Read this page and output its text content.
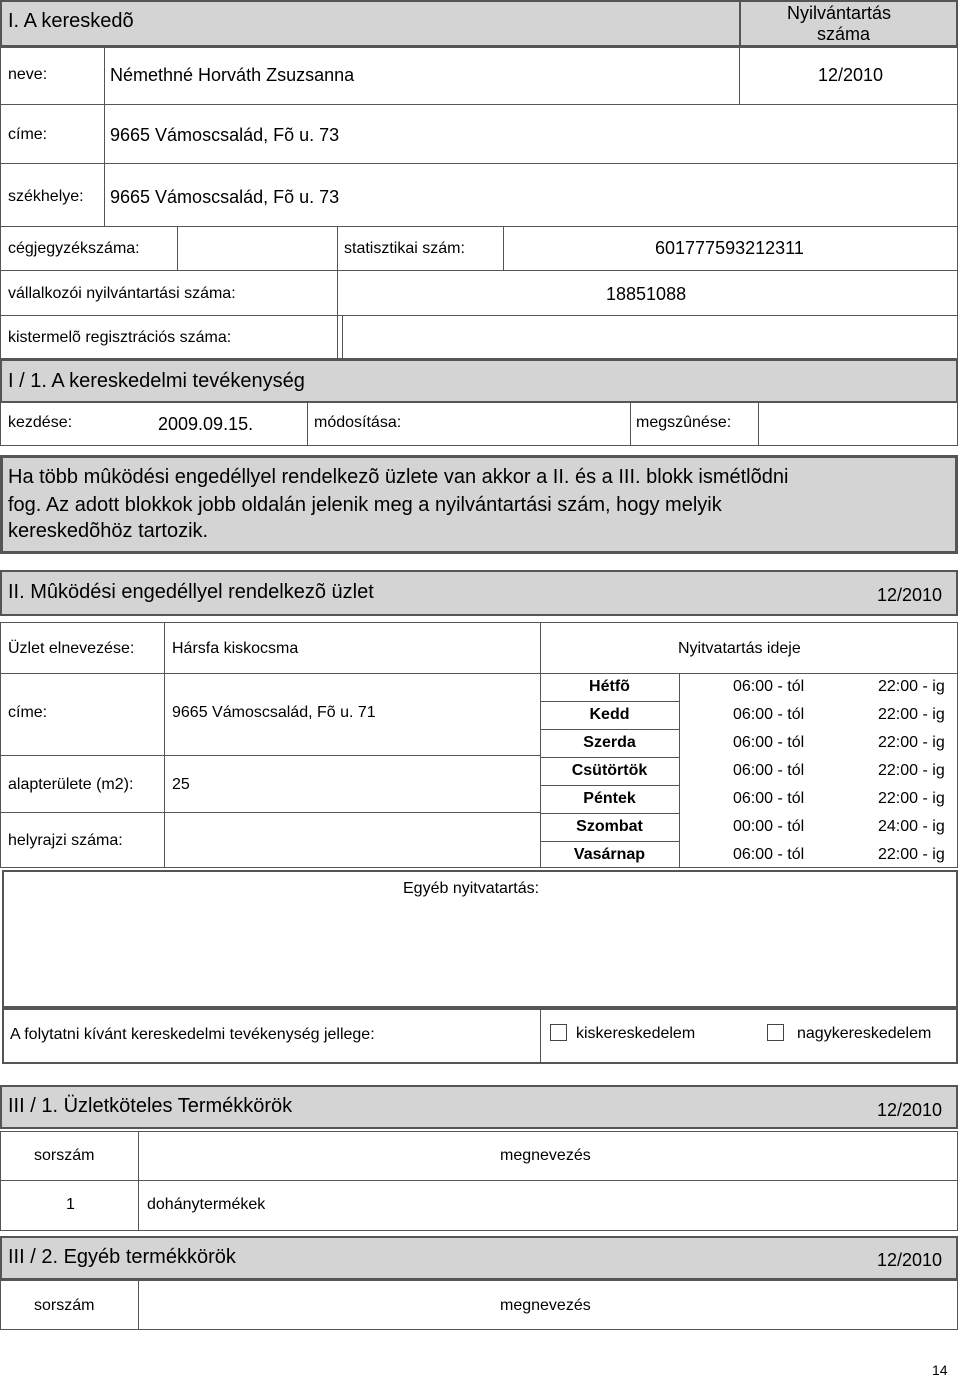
I. A kereskedõ	Nyilvántartás
száma
neve:	Némethné Horváth Zsuzsanna	12/2010
címe:	9665 Vámoscsalád, Fõ u. 73
székhelye: 9665 Vámoscsalád, Fõ u. 73
cégjegyzékszáma:	statisztikai szám:	601777593212311
vállalkozói nyilvántartási száma:	18851088
kistermelõ regisztrációs száma:
I / 1. A kereskedelmi tevékenység
kezdése:	2009.09.15.	módosítása:	megszûnése:
Ha több mûködési engedéllyel rendelkezõ üzlete van akkor a II. és a III. blokk ismétlõdni
fog. Az adott blokkok jobb oldalán jelenik meg a nyilvántartási szám, hogy melyik
kereskedõhöz tartozik.
II. Mûködési engedéllyel rendelkezõ üzlet	12/2010
Üzlet elnevezése: Hársfa kiskocsma	Nyitvatartás ideje
címe:	9665 Vámoscsalád, Fõ u. 71
alapterülete (m2): 25
helyrajzi száma:
Hétfõ	06:00 - tól	22:00 - ig
Kedd	06:00 - tól	22:00 - ig
Szerda	06:00 - tól	22:00 - ig
Csütörtök	06:00 - tól	22:00 - ig
Péntek	06:00 - tól	22:00 - ig
Szombat	00:00 - tól	24:00 - ig
Vasárnap	06:00 - tól	22:00 - ig
Egyéb nyitvatartás:
A folytatni kívánt kereskedelmi tevékenység jellege:	kiskereskedelem	nagykereskedelem
III / 1. Üzletköteles Termékkörök	12/2010
sorszám	megnevezés
1	dohánytermékek
III / 2. Egyéb termékkörök	12/2010
sorszám	megnevezés
14
